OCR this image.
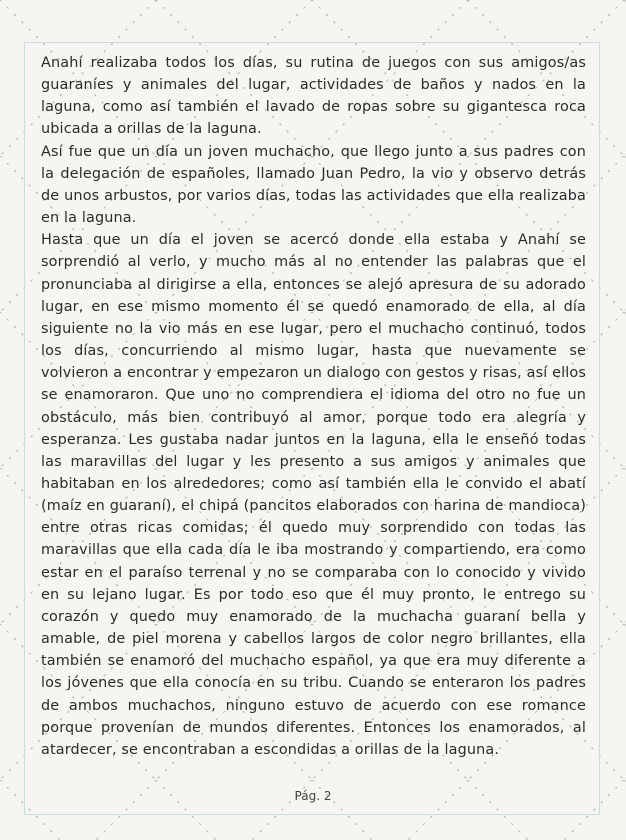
Anahí realizaba todos los días, su rutina de juegos con sus amigos/as guaraníes y animales del lugar, actividades de baños y nados en la laguna, como así también el lavado de ropas sobre su gigantesca roca ubicada a orillas de la laguna.

Así fue que un día un joven muchacho, que llego junto a sus padres con la delegación de españoles, llamado Juan Pedro, la vio y observo detrás de unos arbustos, por varios días, todas las actividades que ella realizaba en la laguna.

Hasta que un día el joven se acercó donde ella estaba y Anahí se sorprendió al verlo, y mucho más al no entender las palabras que el pronunciaba al dirigirse a ella, entonces se alejó apresura de su adorado lugar, en ese mismo momento él se quedó enamorado de ella, al día siguiente no la vio más en ese lugar, pero el muchacho continuó, todos los días, concurriendo al mismo lugar, hasta que nuevamente se volvieron a encontrar y empezaron un dialogo con gestos y risas, así ellos se enamoraron. Que uno no comprendiera el idioma del otro no fue un obstáculo, más bien contribuyó al amor, porque todo era alegría y esperanza. Les gustaba nadar juntos en la laguna, ella le enseñó todas las maravillas del lugar y les presento a sus amigos y animales que habitaban en los alrededores; como así también ella le convido el abatí (maíz en guaraní), el chipá (pancitos elaborados con harina de mandioca) entre otras ricas comidas; él quedo muy sorprendido con todas las maravillas que ella cada día le iba mostrando y compartiendo, era como estar en el paraíso terrenal y no se comparaba con lo conocido y vivido en su lejano lugar. Es por todo eso que él muy pronto, le entrego su corazón y quedo muy enamorado de la muchacha guaraní bella y amable, de piel morena y cabellos largos de color negro brillantes, ella también se enamoró del muchacho español, ya que era muy diferente a los jóvenes que ella conocía en su tribu. Cuando se enteraron los padres de ambos muchachos, ninguno estuvo de acuerdo con ese romance porque provenían de mundos diferentes. Entonces los enamorados, al atardecer, se encontraban a escondidas a orillas de la laguna.

Pág. 2
